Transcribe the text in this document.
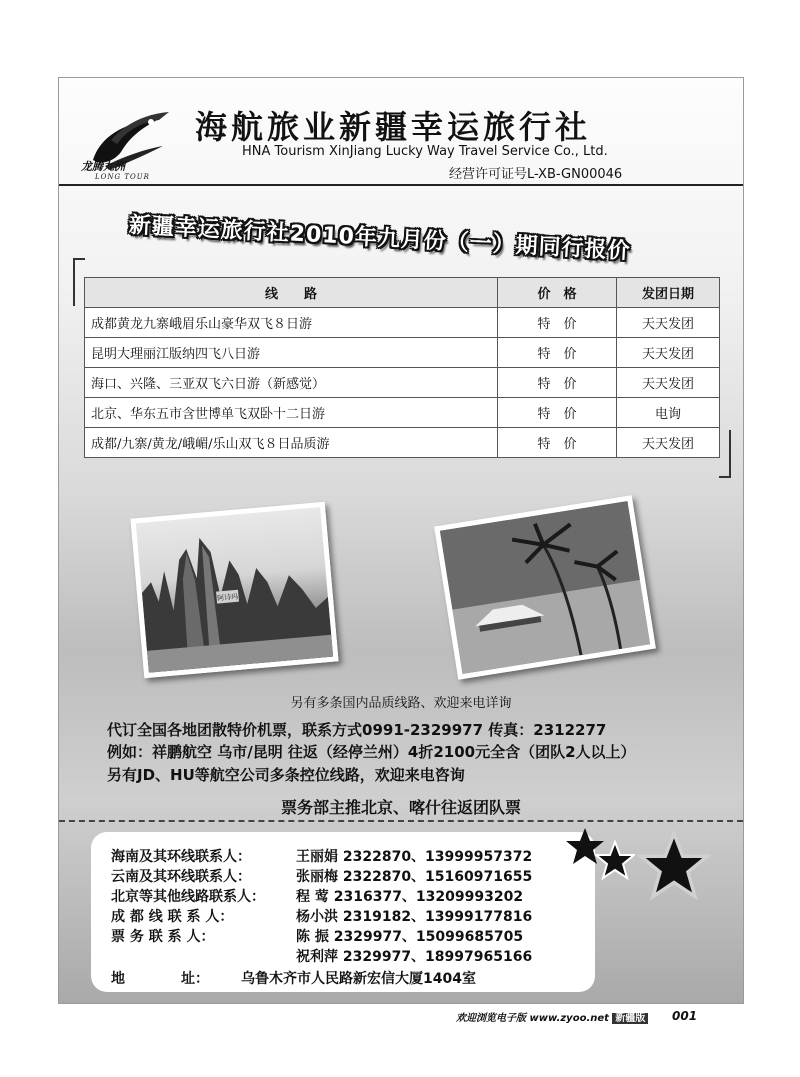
龙腾九洲
LONG TOUR
海航旅业新疆幸运旅行社
HNA Tourism XinJiang Lucky Way Travel Service Co., Ltd.
经营许可证号L-XB-GN00046
新疆幸运旅行社2010年九月份（一）期同行报价
线　　路	价　格	发团日期
成都黄龙九寨峨眉乐山豪华双飞８日游	特　价	天天发团
昆明大理丽江版纳四飞八日游	特　价	天天发团
海口、兴隆、三亚双飞六日游（新感觉）	特　价	天天发团
北京、华东五市含世博单飞双卧十二日游	特　价	电询
成都/九寨/黄龙/峨嵋/乐山双飞８日品质游	特　价	天天发团
阿诗玛
另有多条国内品质线路、欢迎来电详询
代订全国各地团散特价机票，联系方式0991-2329977 传真：2312277
例如：祥鹏航空 乌市/昆明 往返（经停兰州）4折2100元全含（团队2人以上）
另有JD、HU等航空公司多条控位线路，欢迎来电咨询
票务部主推北京、喀什往返团队票
海南及其环线联系人：	王丽娟 2322870、13999957372
云南及其环线联系人：	张丽梅 2322870、15160971655
北京等其他线路联系人： 程 莺 2316377、13209993202
成 都 线 联 系 人：	杨小洪 2319182、13999177816
票 务 联 系 人：	陈 振 2329977、15099685705
祝利萍 2329977、18997965166
地　　　　址： 乌鲁木齐市人民路新宏信大厦1404室
欢迎浏览电子版 www.zyoo.net 新疆版 001
